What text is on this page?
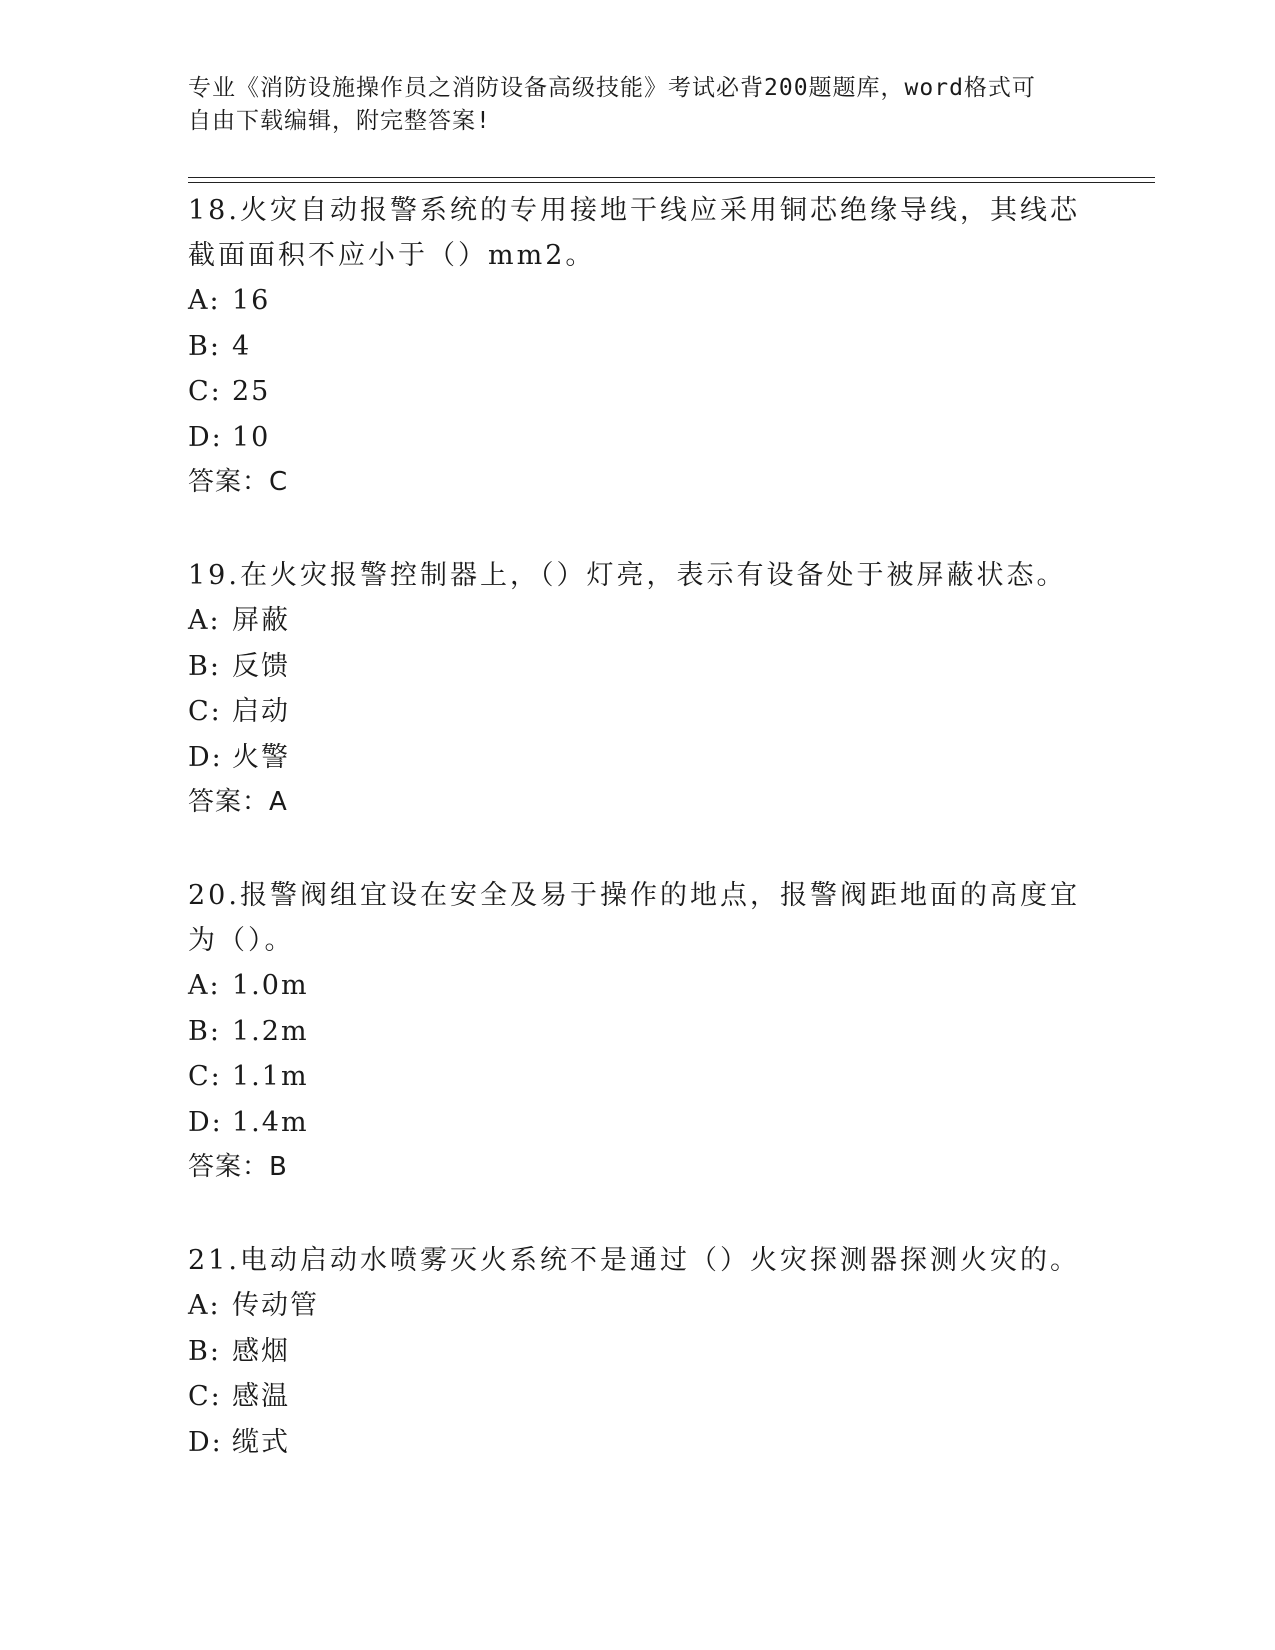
专业《消防设施操作员之消防设备高级技能》考试必背200题题库，word格式可
自由下载编辑，附完整答案!

18.火灾自动报警系统的专用接地干线应采用铜芯绝缘导线，其线芯截面面积不应小于（）mm2。

A: 16

B: 4

C: 25

D: 10

答案：C

19.在火灾报警控制器上，（）灯亮，表示有设备处于被屏蔽状态。

A: 屏蔽

B: 反馈

C: 启动

D: 火警

答案：A

20.报警阀组宜设在安全及易于操作的地点，报警阀距地面的高度宜为（）。

A: 1.0m

B: 1.2m

C: 1.1m

D: 1.4m

答案：B

21.电动启动水喷雾灭火系统不是通过（）火灾探测器探测火灾的。

A: 传动管

B: 感烟

C: 感温

D: 缆式
